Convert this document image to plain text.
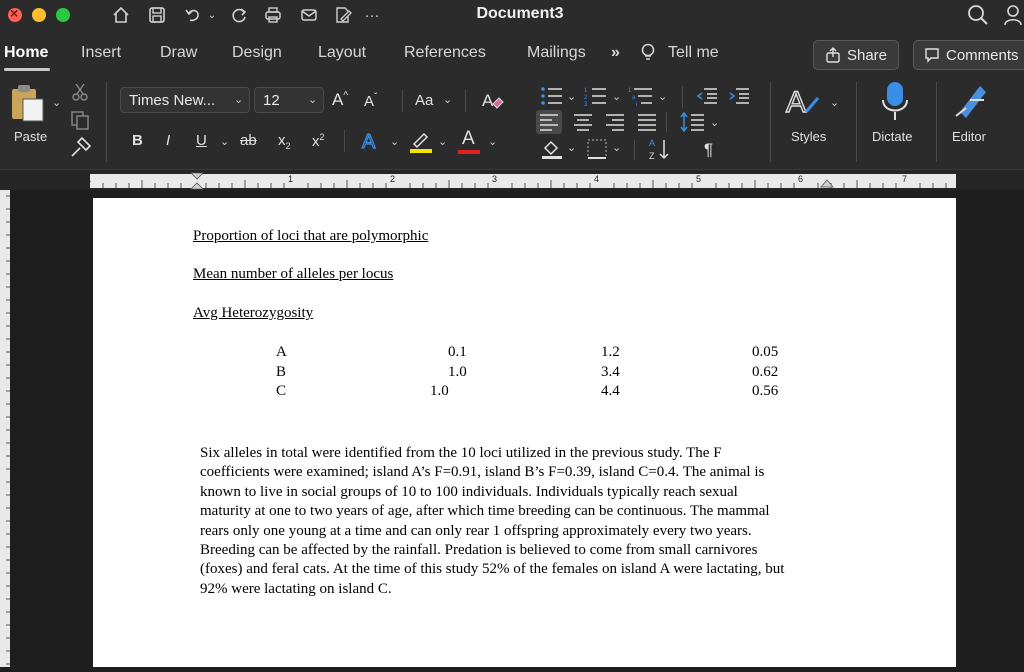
×
⌄	···	Document3
Home Insert Draw Design Layout References	Mailings »	Tell me	Share	Comments
⌄
Paste
Times New... ⌄ 12	⌄ A^ $A^ˇ$	Aa ⌄ A
B I U ⌄ ab $x_2$ $x^2$ A ⌄	⌄ A ⌄
⌄ 1
2
3
⌄ 1
a
i
⌄
⌄
⌄	⌄	A
Z	¶
A ⌄
Styles	Dictate	Editor
1	1	2	3	4	5	6	7
Proportion of loci that are polymorphic
Mean number of alleles per locus
Avg Heterozygosity
A	0.1	1.2	0.05
B	1.0	3.4	0.62
C	1.0	4.4	0.56
Six alleles in total were identified from the 10 loci utilized in the previous study. The F coefficients were examined; island A’s F=0.91, island B’s F=0.39, island C=0.4. The animal is known to live in social groups of 10 to 100 individuals. Individuals typically reach sexual maturity at one to two years of age, after which time breeding can be continuous. The mammal rears only one young at a time and can only rear 1 offspring approximately every two years. Breeding can be affected by the rainfall. Predation is believed to come from small carnivores (foxes) and feral cats. At the time of this study 52% of the females on island A were lactating, but 92% were lactating on island C.
